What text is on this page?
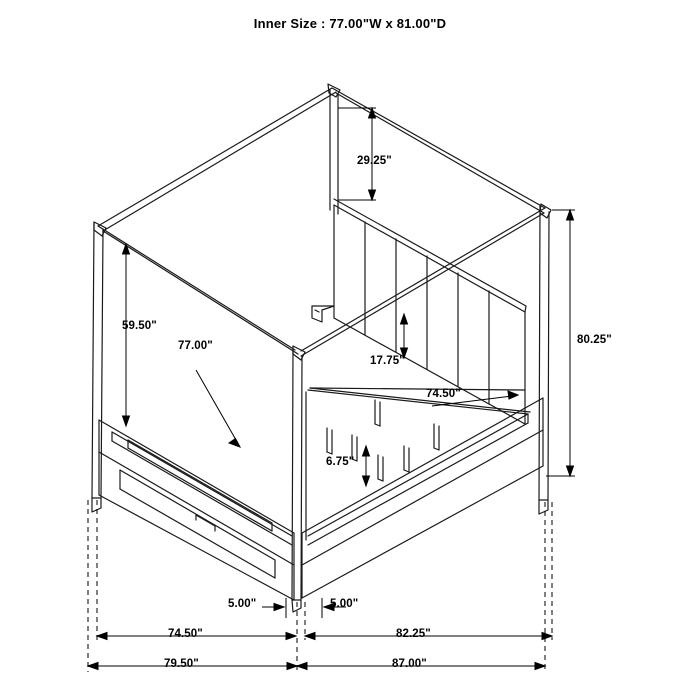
Inner Size : 77.00"W x 81.00"D
29.25"
59.50"
77.00"
17.75"
74.50"
6.75"
80.25"
5.00"	5.00"
74.50"	82.25"
79.50"	87.00"
